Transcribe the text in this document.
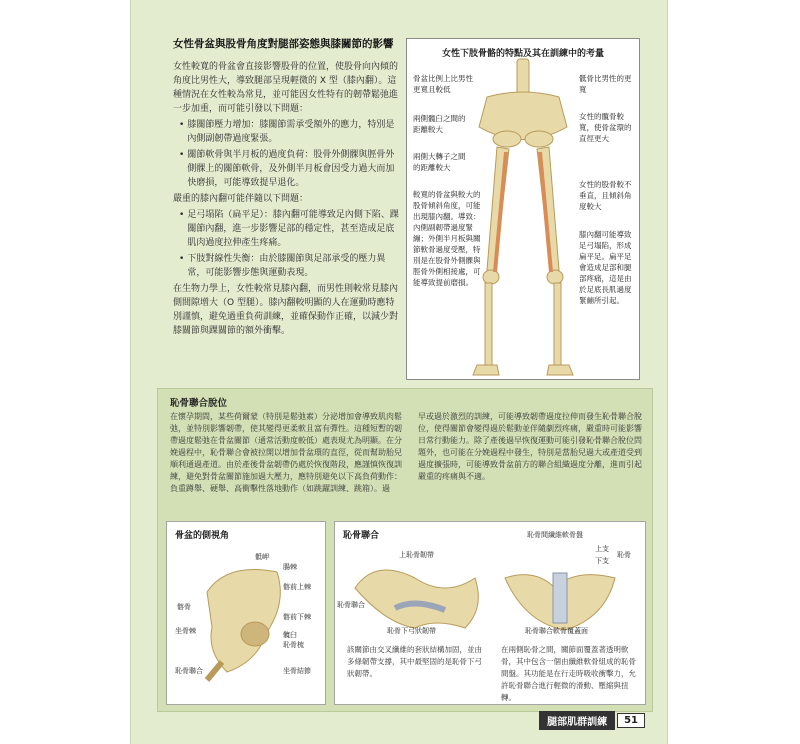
女性骨盆與股骨角度對腿部姿態與膝關節的影響

女性較寬的骨盆會直接影響股骨的位置，使股骨向內傾的角度比男性大，導致腿部呈現輕微的 X 型（膝內翻）。這種情況在女性較為常見，並可能因女性特有的韌帶鬆弛進一步加重，而可能引發以下問題：

• 膝關節壓力增加：膝關節需承受額外的應力，特別是內側副韌帶過度緊張。
• 關節軟骨與半月板的過度負荷：股骨外側髁與脛骨外側髁上的關節軟骨，及外側半月板會因受力過大而加快磨損，可能導致提早退化。

嚴重的膝內翻可能伴隨以下問題：

• 足弓塌陷（扁平足）：膝內翻可能導致足內側下陷、踝關節內翻，進一步影響足部的穩定性，甚至造成足底肌肉過度拉伸產生疼痛。
• 下肢對線性失衡：由於膝關節與足部承受的壓力異常，可能影響步態與運動表現。

在生物力學上，女性較常見膝內翻，而男性則較常見膝內側間隙增大（O 型腿）。膝內翻較明顯的人在運動時應特別謹慎，避免過重負荷訓練，並確保動作正確，以減少對膝關節與踝關節的額外衝擊。

女性下肢骨骼的特點及其在訓練中的考量
骨盆比例上比男性更寬且較低
兩側髖臼之間的距離較大
兩側大轉子之間的距離較大
較寬的骨盆與較大的股骨傾斜角度，可能出現膝內翻。導致：內側副韌帶過度緊繃；外側半月板與關節軟骨過度受壓，特別是在股骨外側髁與脛骨外側相接處，可能導致提前磨損。
骶骨比男性的更寬
女性的髖骨較寬，使骨盆環的直徑更大
女性的股骨較不垂直，且傾斜角度較大
膝內翻可能導致足弓塌陷，形成扁平足。扁平足會造成足部和腿部疼痛，這是由於足底長肌過度緊繃所引起。
恥骨聯合脫位
在懷孕期間，某些荷爾蒙（特別是鬆弛素）分泌增加會導致肌肉鬆弛，並特別影響韌帶，使其變得更柔軟且富有彈性。這種短暫的韌帶過度鬆弛在骨盆關節（通常活動度較低）處表現尤為明顯。在分娩過程中，恥骨聯合會被拉開以增加骨盆環的直徑，從而幫助胎兒順利通過產道。由於產後骨盆韌帶仍處於恢復階段，應謹慎恢復訓練，避免對骨盆關節施加過大壓力，應特別避免以下高負荷動作：負重蹲舉、硬舉、高衝擊性落地動作（如跳躍訓練、跳箱）。過
早或過於激烈的訓練，可能導致韌帶過度拉伸而發生恥骨聯合脫位，使得關節會變得過於鬆動並伴隨劇烈疼痛，嚴重時可能影響日常行動能力。除了產後過早恢復運動可能引發恥骨聯合脫位問題外，也可能在分娩過程中發生，特別是當胎兒過大或產道受到過度擴張時，可能導致骨盆前方的聯合組織過度分離，進而引起嚴重的疼痛與不適。
骨盆的側視角
骶岬
腸棘
髂前上棘
髂骨
坐骨棘
髂前下棘
髖臼
恥骨梳
恥骨聯合	坐骨結節
恥骨聯合
上恥骨韌帶
恥骨聯合
恥骨下弓狀韌帶
恥骨間纖維軟骨盤
上支
下支
恥骨
恥骨聯合軟骨覆蓋面
該關節由交叉纖維的套狀結構加固，並由多條韌帶支撐，其中最堅固的是恥骨下弓狀韌帶。
在兩側恥骨之間，關節面覆蓋著透明軟骨，其中包含一個由纖維軟骨組成的恥骨間盤。其功能是在行走時吸收衝擊力，允許恥骨聯合進行輕微的滑動、壓縮與扭轉。
腿部肌群訓練	51
